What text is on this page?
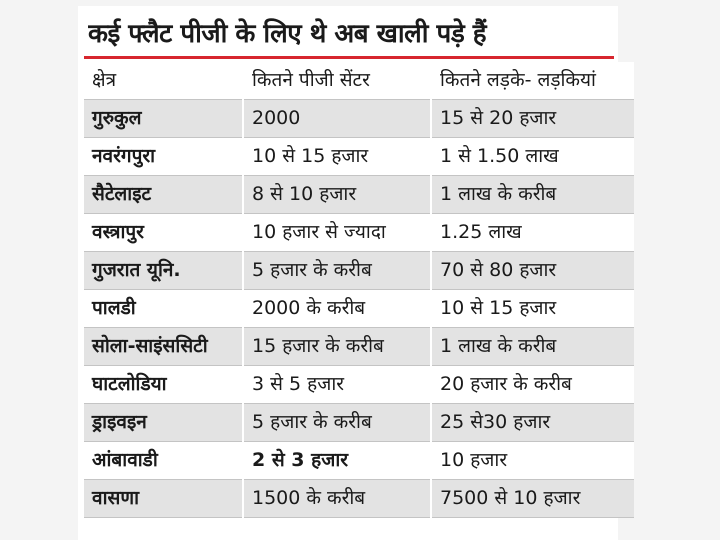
कई फ्लैट पीजी के लिए थे अब खाली पड़े हैं
क्षेत्र	कितने पीजी सेंटर	कितने लड़के- लड़कियां
गुरुकुल	2000	15 से 20 हजार
नवरंगपुरा	10 से 15 हजार	1 से 1.50 लाख
सैटेलाइट	8 से 10 हजार	1 लाख के करीब
वस्त्रापुर	10 हजार से ज्यादा	1.25 लाख
गुजरात यूनि.	5 हजार के करीब	70 से 80 हजार
पालडी	2000 के करीब	10 से 15 हजार
सोला-साइंससिटी	15 हजार के करीब	1 लाख के करीब
घाटलोडिया	3 से 5 हजार	20 हजार के करीब
ड्राइवइन	5 हजार के करीब	25 से30 हजार
आंबावाडी	2 से 3 हजार	10 हजार
वासणा	1500 के करीब	7500 से 10 हजार
